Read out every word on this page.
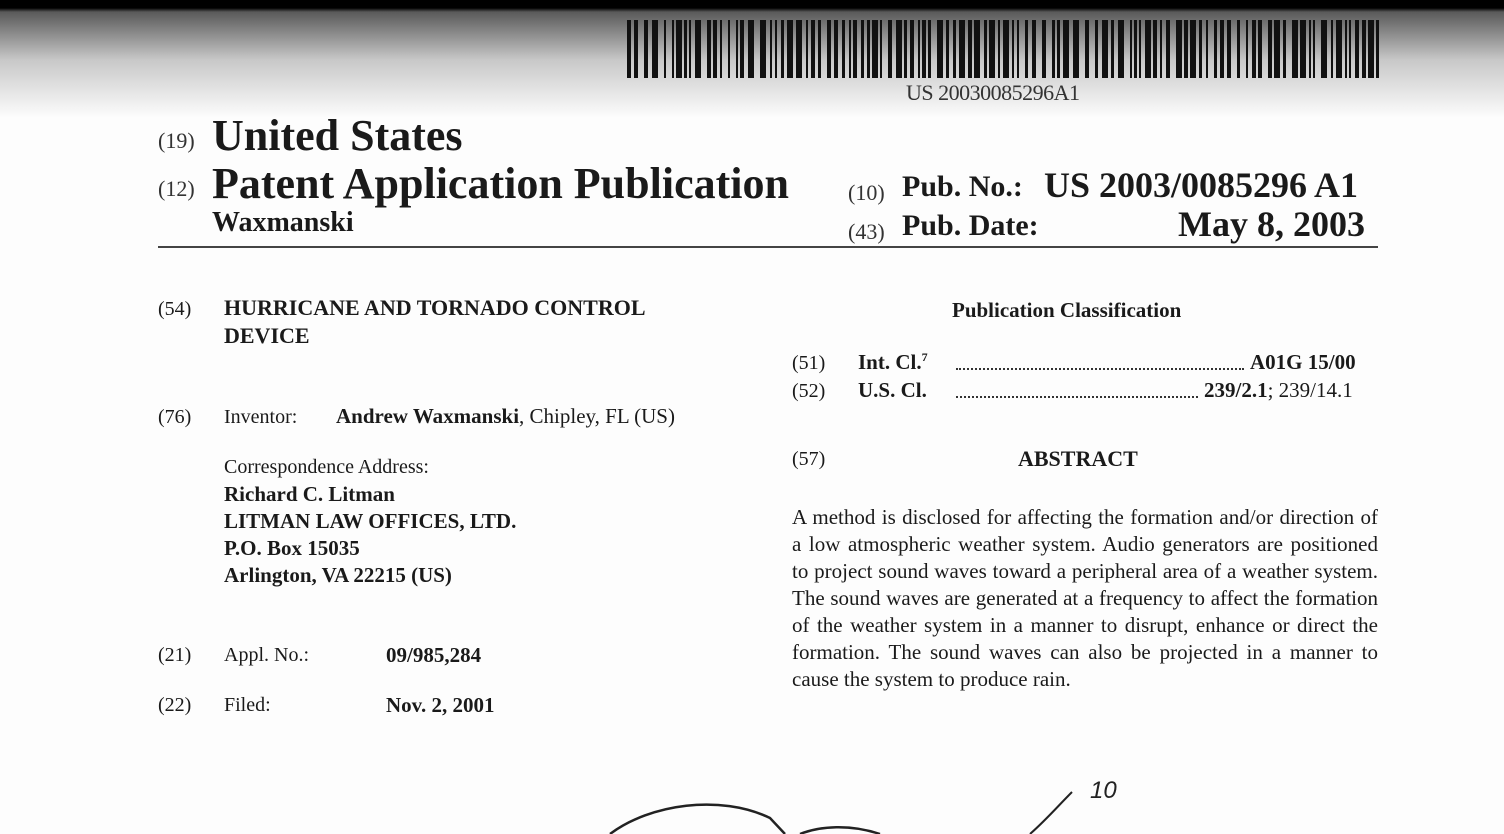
US 20030085296A1
(19) United States
(12) Patent Application Publication
Waxmanski
(10) Pub. No.: US 2003/0085296 A1
(43) Pub. Date:	May 8, 2003
(54) HURRICANE AND TORNADO CONTROL DEVICE
(76) Inventor: Andrew Waxmanski, Chipley, FL (US)
Correspondence Address:
Richard C. Litman
LITMAN LAW OFFICES, LTD.
P.O. Box 15035
Arlington, VA 22215 (US)
(21) Appl. No.:	09/985,284
(22) Filed:	Nov. 2, 2001
Publication Classification
(51) Int. Cl.$^7$	A01G 15/00
(52) U.S. Cl.	239/2.1; 239/14.1
(57)	ABSTRACT

A method is disclosed for affecting the formation and/or direction of a low atmospheric weather system. Audio generators are positioned to project sound waves toward a peripheral area of a weather system. The sound waves are generated at a frequency to affect the formation of the weather system in a manner to disrupt, enhance or direct the formation. The sound waves can also be projected in a manner to cause the system to produce rain.

10
